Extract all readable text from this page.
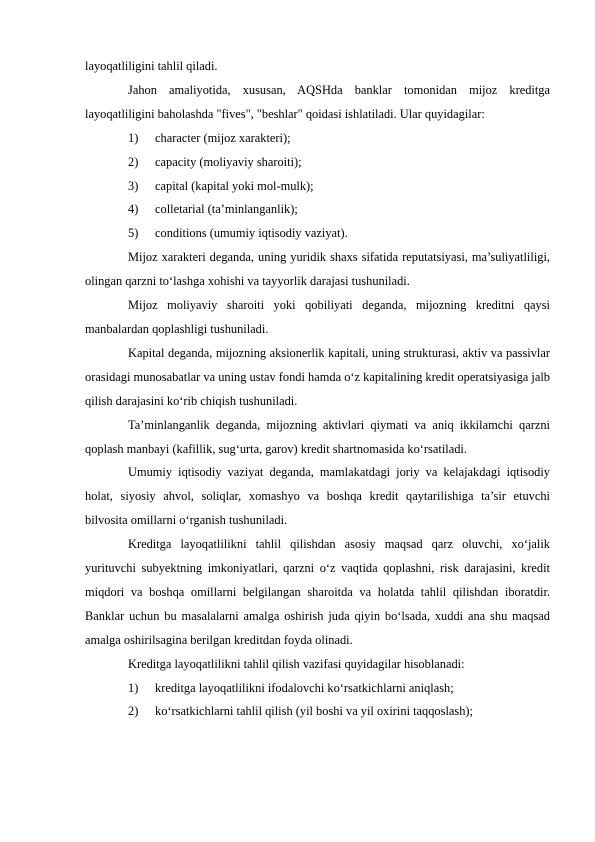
layoqatliligini tahlil qiladi.

Jahon amaliyotida, xususan, AQSHda banklar tomonidan mijoz kreditga layoqatliligini baholashda "fives", "beshlar" qoidasi ishlatiladi. Ular quyidagilar:

1) character (mijoz xarakteri);
2) capacity (moliyaviy sharoiti);
3) capital (kapital yoki mol-mulk);
4) colletarial (ta’minlanganlik);
5) conditions (umumiy iqtisodiy vaziyat).

Mijoz xarakteri deganda, uning yuridik shaxs sifatida reputatsiyasi, ma’suliyatliligi, olingan qarzni to‘lashga xohishi va tayyorlik darajasi tushuniladi.

Mijoz moliyaviy sharoiti yoki qobiliyati deganda, mijozning kreditni qaysi manbalardan qoplashligi tushuniladi.

Kapital deganda, mijozning aksionerlik kapitali, uning strukturasi, aktiv va passivlar orasidagi munosabatlar va uning ustav fondi hamda o‘z kapitalining kredit operatsiyasiga jalb qilish darajasini ko‘rib chiqish tushuniladi.

Ta’minlanganlik deganda, mijozning aktivlari qiymati va aniq ikkilamchi qarzni qoplash manbayi (kafillik, sug‘urta, garov) kredit shartnomasida ko‘rsatiladi.

Umumiy iqtisodiy vaziyat deganda, mamlakatdagi joriy va kelajakdagi iqtisodiy holat, siyosiy ahvol, soliqlar, xomashyo va boshqa kredit qaytarilishiga ta’sir etuvchi bilvosita omillarni o‘rganish tushuniladi.

Kreditga layoqatlilikni tahlil qilishdan asosiy maqsad qarz oluvchi, xo‘jalik yurituvchi subyektning imkoniyatlari, qarzni o‘z vaqtida qoplashni, risk darajasini, kredit miqdori va boshqa omillarni belgilangan sharoitda va holatda tahlil qilishdan iboratdir. Banklar uchun bu masalalarni amalga oshirish juda qiyin bo‘lsada, xuddi ana shu maqsad amalga oshirilsagina berilgan kreditdan foyda olinadi.

Kreditga layoqatlilikni tahlil qilish vazifasi quyidagilar hisoblanadi:

1) kreditga layoqatlilikni ifodalovchi ko‘rsatkichlarni aniqlash;
2) ko‘rsatkichlarni tahlil qilish (yil boshi va yil oxirini taqqoslash);
